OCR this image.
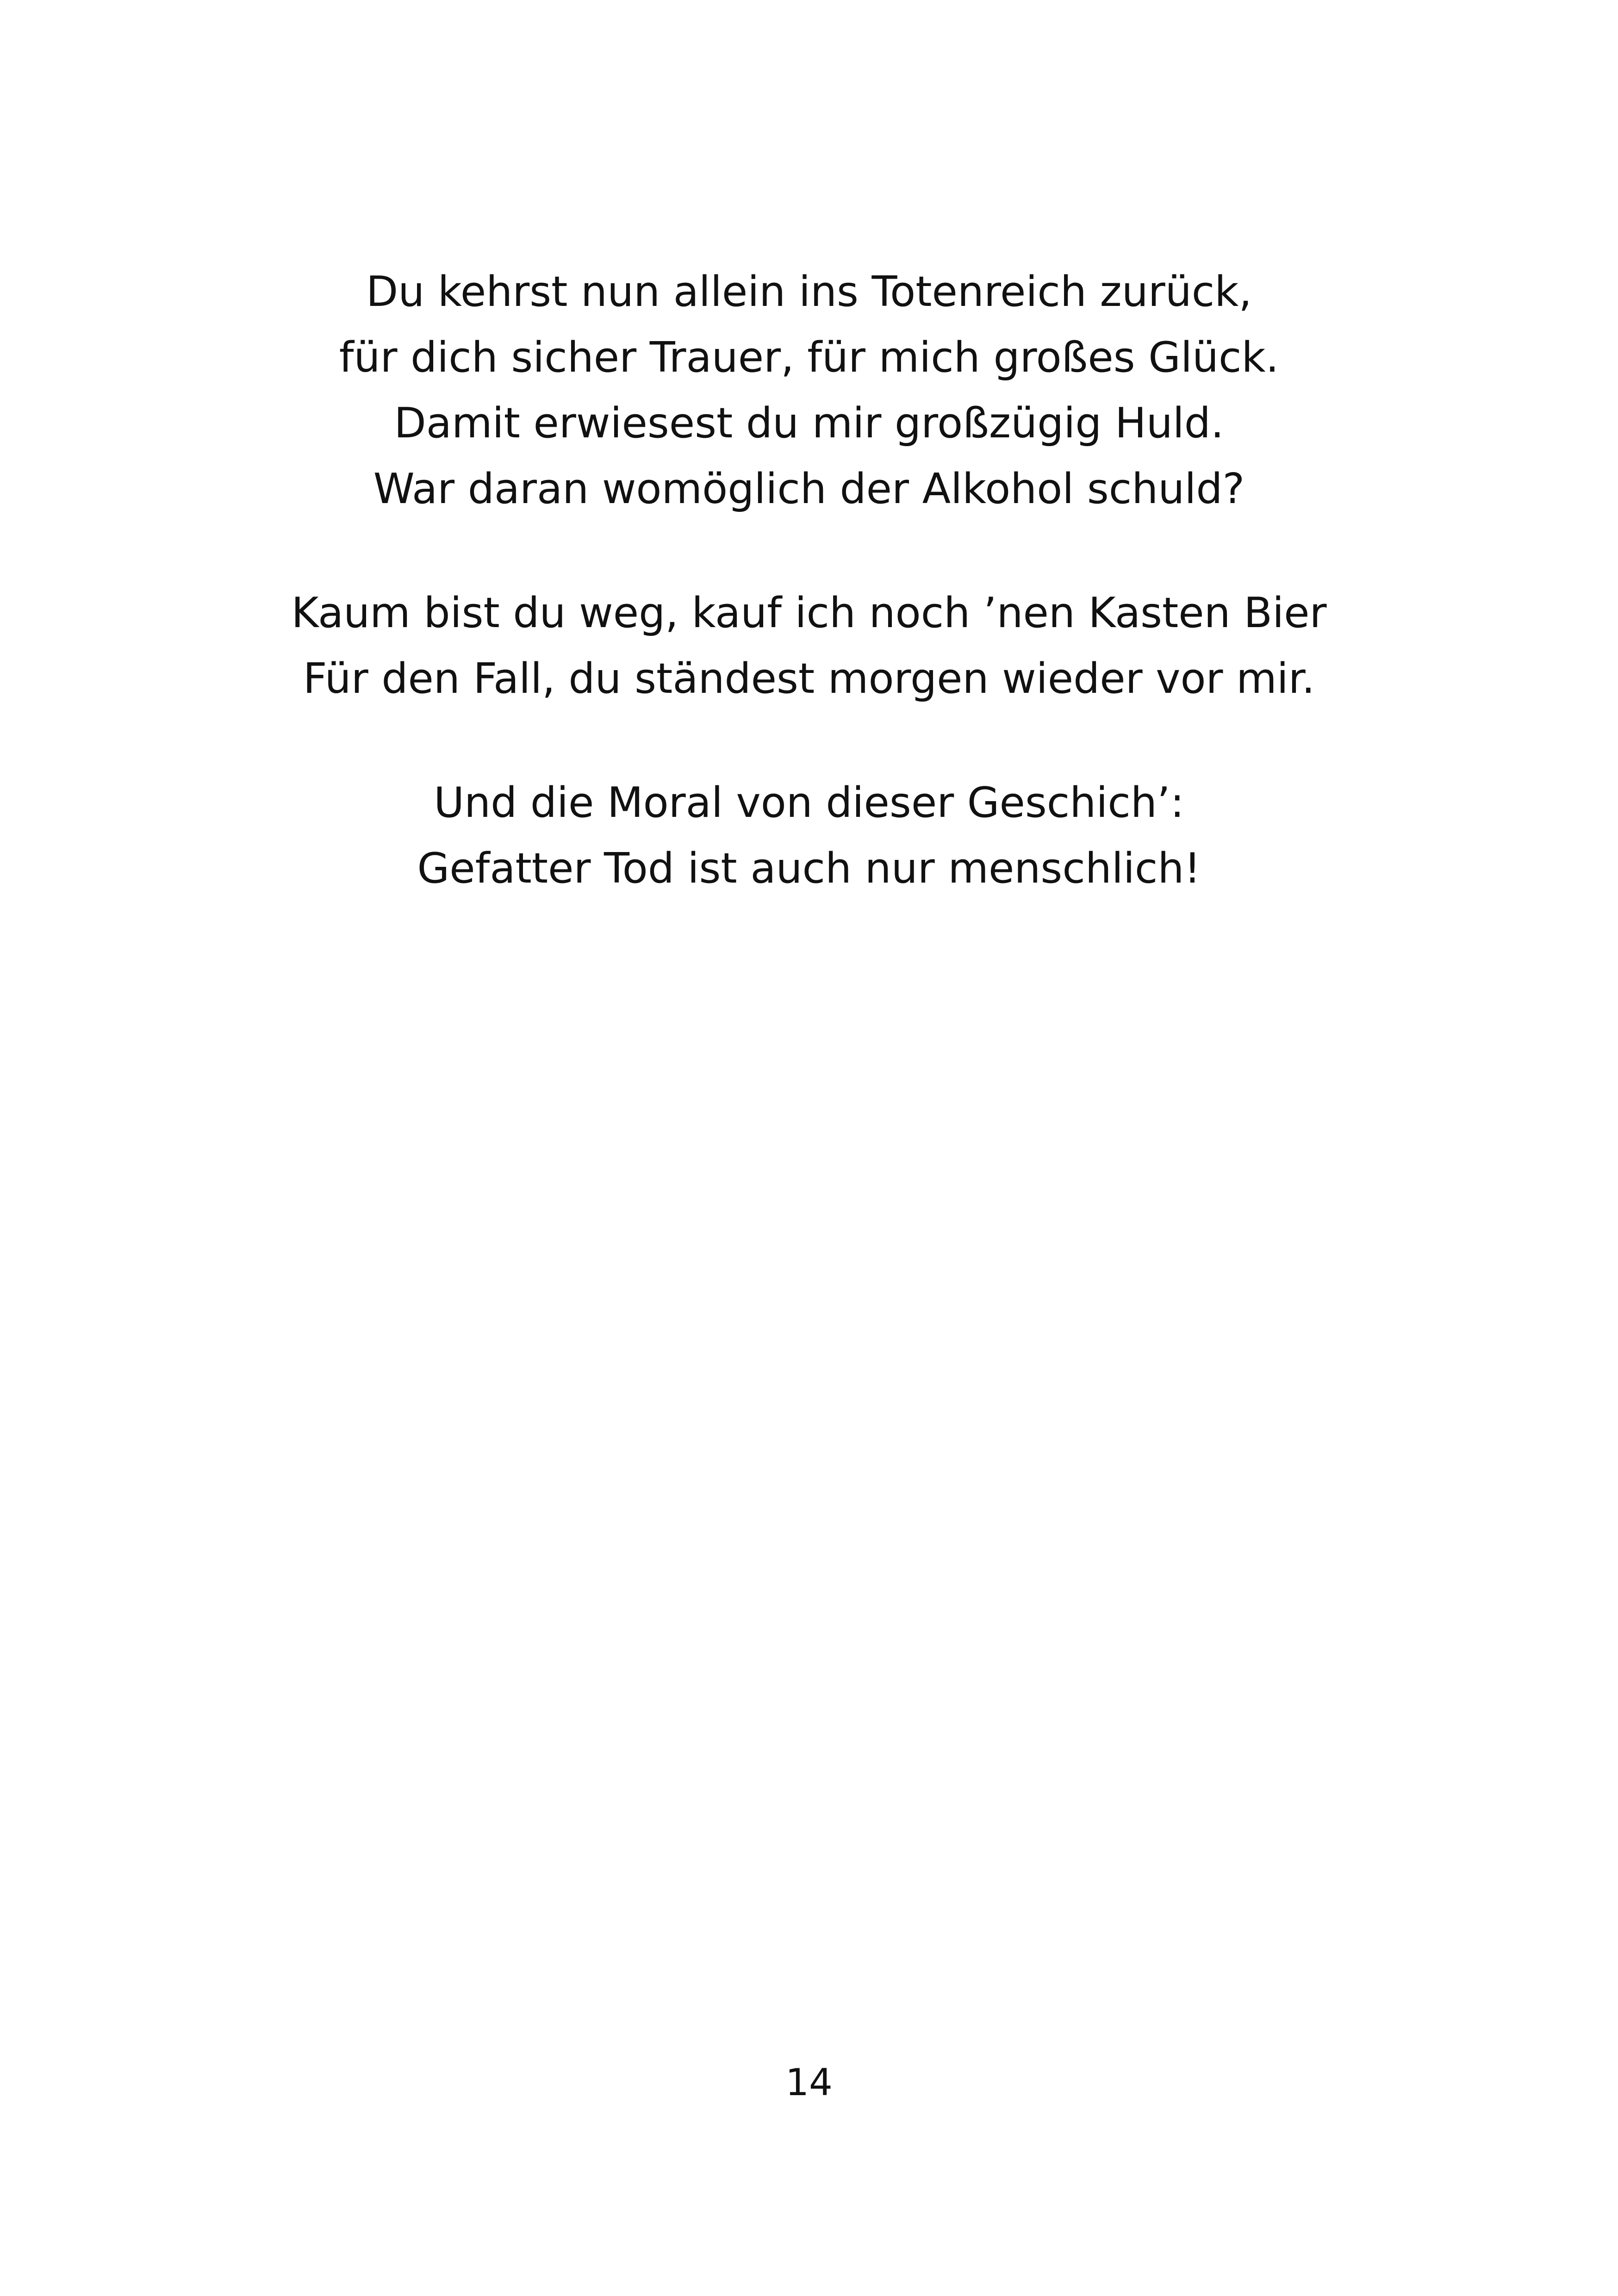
Du kehrst nun allein ins Totenreich zurück,
für dich sicher Trauer, für mich großes Glück.
Damit erwiesest du mir großzügig Huld.
War daran womöglich der Alkohol schuld?

Kaum bist du weg, kauf ich noch ’nen Kasten Bier
Für den Fall, du ständest morgen wieder vor mir.

Und die Moral von dieser Geschich’:
Gefatter Tod ist auch nur menschlich!

14
